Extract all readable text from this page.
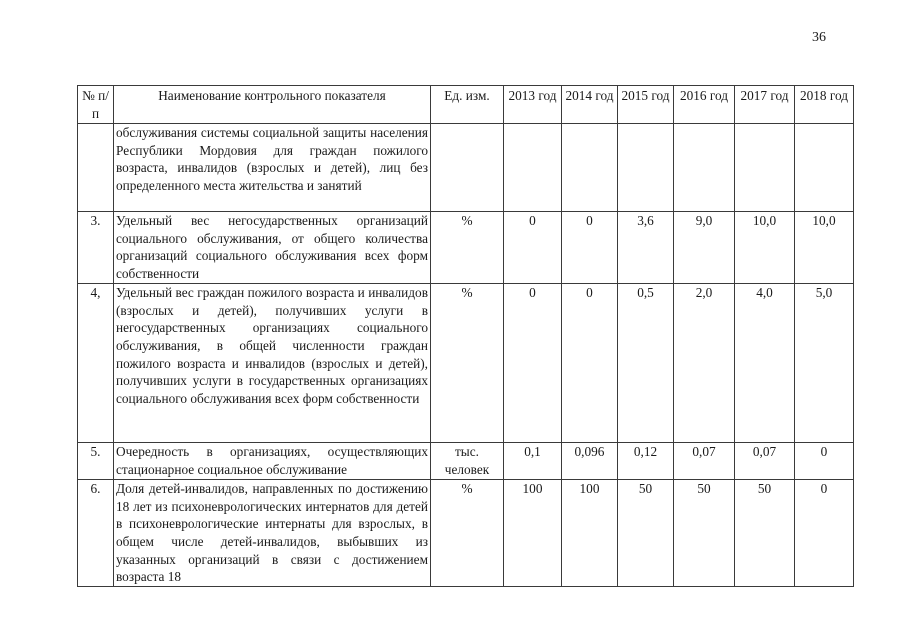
36
№ п/п	Наименование контрольного показателя	Ед. изм.	2013 год	2014 год	2015 год	2016 год	2017 год	2018 год
	обслуживания системы социальной защиты населения Республики Мордовия для граждан пожилого возраста, инвалидов (взрослых и детей), лиц без определенного места жительства и занятий							
3.	Удельный вес негосударственных организаций социального обслуживания, от общего количества организаций социального обслуживания всех форм собственности	%	0	0	3,6	9,0	10,0	10,0
4,	Удельный вес граждан пожилого возраста и инвалидов (взрослых и детей), получивших услуги в негосударственных организациях социального обслуживания, в общей численности граждан пожилого возраста и инвалидов (взрослых и детей), получивших услуги в государственных организациях социального обслуживания всех форм собственности	%	0	0	0,5	2,0	4,0	5,0
5.	Очередность в организациях, осуществляющих стационарное социальное обслуживание	тыс. человек	0,1	0,096	0,12	0,07	0,07	0
6.	Доля детей-инвалидов, направленных по достижению 18 лет из психоневрологических интернатов для детей в психоневрологические интернаты для взрослых, в общем числе детей-инвалидов, выбывших из указанных организаций в связи с достижением возраста 18	%	100	100	50	50	50	0
